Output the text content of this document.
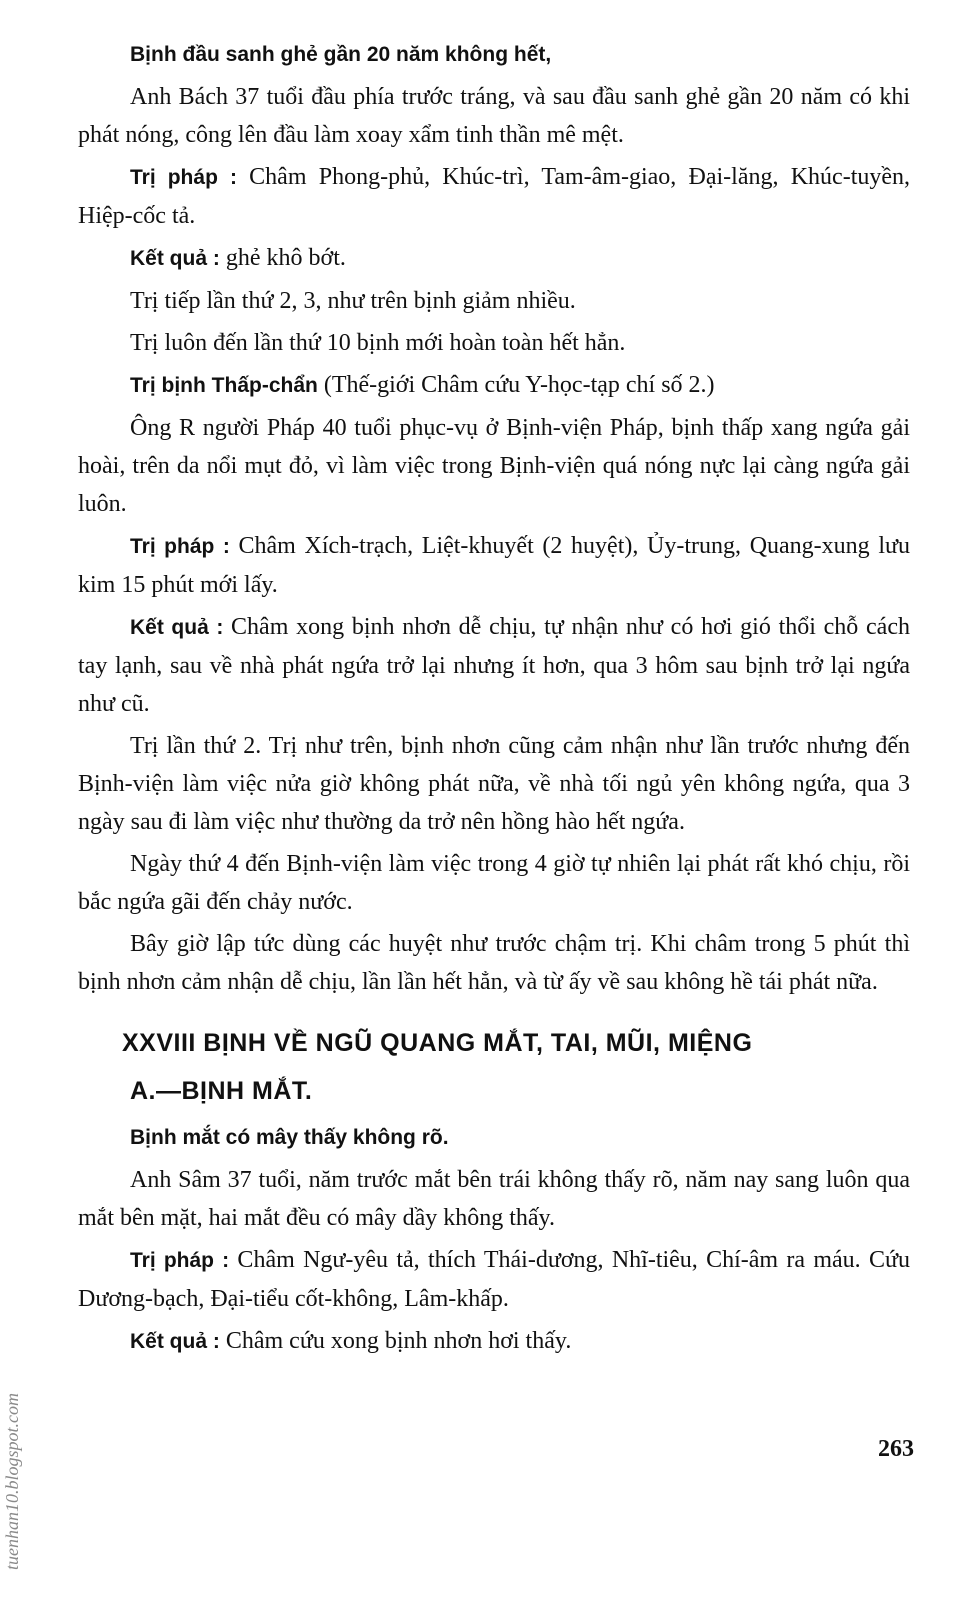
Bịnh đầu sanh ghẻ gần 20 năm không hết,

Anh Bách 37 tuổi đầu phía trước tráng, và sau đầu sanh ghẻ gần 20 năm có khi phát nóng, công lên đầu làm xoay xẩm tinh thần mê mệt.

Trị pháp : Châm Phong-phủ, Khúc-trì, Tam-âm-giao, Đại-lăng, Khúc-tuyền, Hiệp-cốc tả.

Kết quả : ghẻ khô bớt.

Trị tiếp lần thứ 2, 3, như trên bịnh giảm nhiều.

Trị luôn đến lần thứ 10 bịnh mới hoàn toàn hết hẳn.

Trị bịnh Thấp-chẩn (Thế-giới Châm cứu Y-học-tạp chí số 2.)

Ông R người Pháp 40 tuổi phục-vụ ở Bịnh-viện Pháp, bịnh thấp xang ngứa gải hoài, trên da nổi mụt đỏ, vì làm việc trong Bịnh-viện quá nóng nực lại càng ngứa gải luôn.

Trị pháp : Châm Xích-trạch, Liệt-khuyết (2 huyệt), Ủy-trung, Quang-xung lưu kim 15 phút mới lấy.

Kết quả : Châm xong bịnh nhơn dễ chịu, tự nhận như có hơi gió thổi chỗ cách tay lạnh, sau về nhà phát ngứa trở lại nhưng ít hơn, qua 3 hôm sau bịnh trở lại ngứa như cũ.

Trị lần thứ 2. Trị như trên, bịnh nhơn cũng cảm nhận như lần trước nhưng đến Bịnh-viện làm việc nửa giờ không phát nữa, về nhà tối ngủ yên không ngứa, qua 3 ngày sau đi làm việc như thường da trở nên hồng hào hết ngứa.

Ngày thứ 4 đến Bịnh-viện làm việc trong 4 giờ tự nhiên lại phát rất khó chịu, rồi bắc ngứa gãi đến chảy nước.

Bây giờ lập tức dùng các huyệt như trước chậm trị. Khi châm trong 5 phút thì bịnh nhơn cảm nhận dễ chịu, lần lần hết hẳn, và từ ấy về sau không hề tái phát nữa.

XXVIII BỊNH VỀ NGŨ QUANG MẮT, TAI, MŨI, MIỆNG
A.—BỊNH MẮT.

Bịnh mắt có mây thấy không rõ.

Anh Sâm 37 tuổi, năm trước mắt bên trái không thấy rõ, năm nay sang luôn qua mắt bên mặt, hai mắt đều có mây dầy không thấy.

Trị pháp : Châm Ngư-yêu tả, thích Thái-dương, Nhĩ-tiêu, Chí-âm ra máu. Cứu Dương-bạch, Đại-tiểu cốt-không, Lâm-khấp.

Kết quả : Châm cứu xong bịnh nhơn hơi thấy.

263
tuenhan10.blogspot.com
